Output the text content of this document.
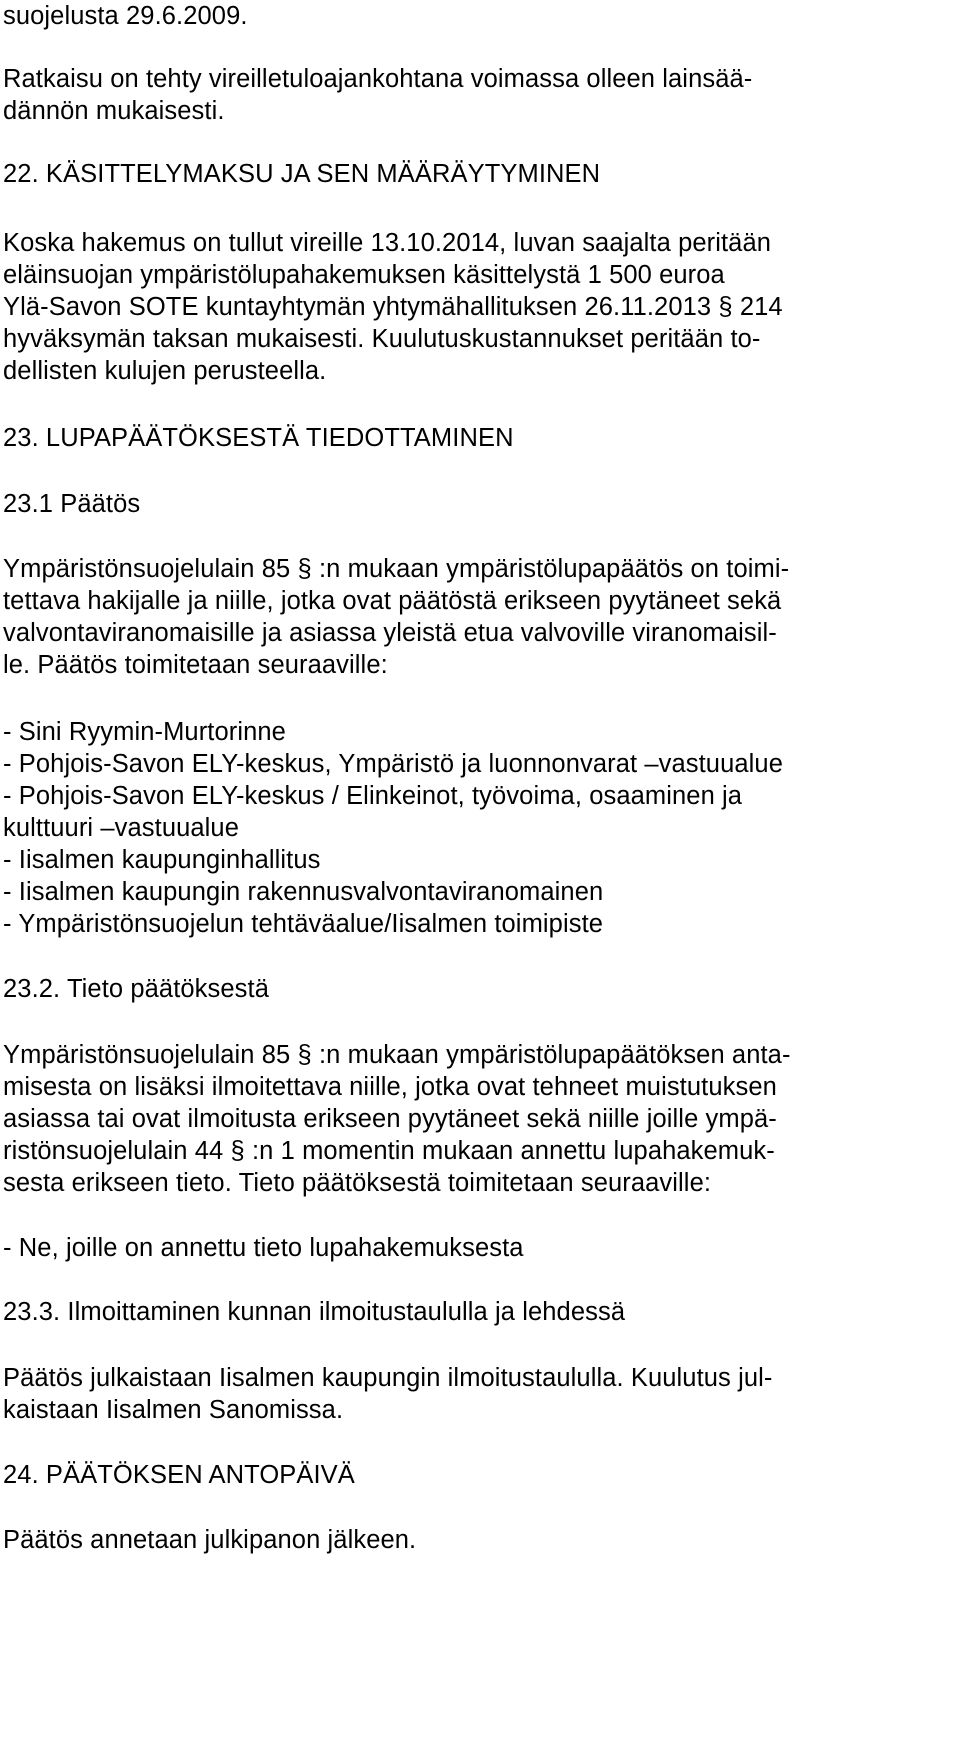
suojelusta 29.6.2009.

Ratkaisu on tehty vireilletuloajankohtana voimassa olleen lainsää-

dännön mukaisesti.

22. KÄSITTELYMAKSU JA SEN MÄÄRÄYTYMINEN

Koska hakemus on tullut vireille 13.10.2014, luvan saajalta peritään

eläinsuojan ympäristölupahakemuksen käsittelystä 1 500 euroa

Ylä-Savon SOTE kuntayhtymän yhtymähallituksen 26.11.2013 § 214

hyväksymän taksan mukaisesti. Kuulutuskustannukset peritään to-

dellisten kulujen perusteella.

23. LUPAPÄÄTÖKSESTÄ TIEDOTTAMINEN

23.1 Päätös

Ympäristönsuojelulain 85 § :n mukaan ympäristölupapäätös on toimi-

tettava hakijalle ja niille, jotka ovat päätöstä erikseen pyytäneet sekä

valvontaviranomaisille ja asiassa yleistä etua valvoville viranomaisil-

le. Päätös toimitetaan seuraaville:

- Sini Ryymin-Murtorinne

- Pohjois-Savon ELY-keskus, Ympäristö ja luonnonvarat –vastuualue

- Pohjois-Savon ELY-keskus / Elinkeinot, työvoima, osaaminen ja

kulttuuri –vastuualue

- Iisalmen kaupunginhallitus

- Iisalmen kaupungin rakennusvalvontaviranomainen

- Ympäristönsuojelun tehtäväalue/Iisalmen toimipiste

23.2. Tieto päätöksestä

Ympäristönsuojelulain 85 § :n mukaan ympäristölupapäätöksen anta-

misesta on lisäksi ilmoitettava niille, jotka ovat tehneet muistutuksen

asiassa tai ovat ilmoitusta erikseen pyytäneet sekä niille joille ympä-

ristönsuojelulain 44 § :n 1 momentin mukaan annettu lupahakemuk-

sesta erikseen tieto. Tieto päätöksestä toimitetaan seuraaville:

- Ne, joille on annettu tieto lupahakemuksesta

23.3. Ilmoittaminen kunnan ilmoitustaululla ja lehdessä

Päätös julkaistaan Iisalmen kaupungin ilmoitustaululla. Kuulutus jul-

kaistaan Iisalmen Sanomissa.

24. PÄÄTÖKSEN ANTOPÄIVÄ

Päätös annetaan julkipanon jälkeen.
